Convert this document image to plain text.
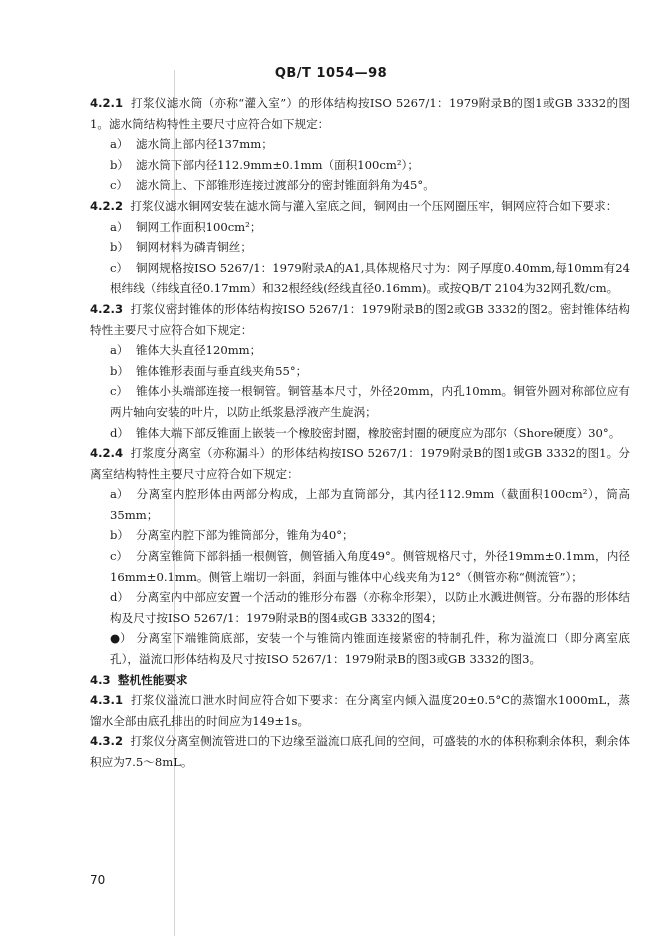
QB/T 1054—98

4.2.1 打浆仪滤水筒（亦称“灌入室”）的形体结构按ISO 5267/1：1979附录B的图1或GB 3332的图1。滤水筒结构特性主要尺寸应符合如下规定：

a） 滤水筒上部内径137mm；

b） 滤水筒下部内径112.9mm±0.1mm（面积100cm²）；

c） 滤水筒上、下部锥形连接过渡部分的密封锥面斜角为45°。

4.2.2 打浆仪滤水铜网安装在滤水筒与灌入室底之间，铜网由一个压网圈压牢，铜网应符合如下要求：

a） 铜网工作面积100cm²；

b） 铜网材料为磷青铜丝；

c） 铜网规格按ISO 5267/1：1979附录A的A1,具体规格尺寸为：网子厚度0.40mm,每10mm有24根纬线（纬线直径0.17mm）和32根经线(经线直径0.16mm)。或按QB/T 2104为32网孔数/cm。

4.2.3 打浆仪密封锥体的形体结构按ISO 5267/1：1979附录B的图2或GB 3332的图2。密封锥体结构特性主要尺寸应符合如下规定：

a） 锥体大头直径120mm；

b） 锥体锥形表面与垂直线夹角55°；

c） 锥体小头端部连接一根铜管。铜管基本尺寸，外径20mm，内孔10mm。铜管外圆对称部位应有两片轴向安装的叶片，以防止纸浆悬浮液产生旋涡；

d） 锥体大端下部反锥面上嵌装一个橡胶密封圈，橡胶密封圈的硬度应为邵尔（Shore硬度）30°。

4.2.4 打浆度分离室（亦称漏斗）的形体结构按ISO 5267/1：1979附录B的图1或GB 3332的图1。分离室结构特性主要尺寸应符合如下规定：

a） 分离室内腔形体由两部分构成，上部为直筒部分，其内径112.9mm（截面积100cm²），筒高35mm；

b） 分离室内腔下部为锥筒部分，锥角为40°；

c） 分离室锥筒下部斜插一根侧管，侧管插入角度49°。侧管规格尺寸，外径19mm±0.1mm，内径16mm±0.1mm。侧管上端切一斜面，斜面与锥体中心线夹角为12°（侧管亦称“侧流管”）；

d） 分离室内中部应安置一个活动的锥形分布器（亦称伞形架），以防止水溅进侧管。分布器的形体结构及尺寸按ISO 5267/1：1979附录B的图4或GB 3332的图4；

●） 分离室下端锥筒底部，安装一个与锥筒内锥面连接紧密的特制孔件，称为溢流口（即分离室底孔），溢流口形体结构及尺寸按ISO 5267/1：1979附录B的图3或GB 3332的图3。

4.3 整机性能要求

4.3.1 打浆仪溢流口泄水时间应符合如下要求：在分离室内倾入温度20±0.5°C的蒸馏水1000mL，蒸馏水全部由底孔排出的时间应为149±1s。

4.3.2 打浆仪分离室侧流管进口的下边缘至溢流口底孔间的空间，可盛装的水的体积称剩余体积，剩余体积应为7.5～8mL。

70
